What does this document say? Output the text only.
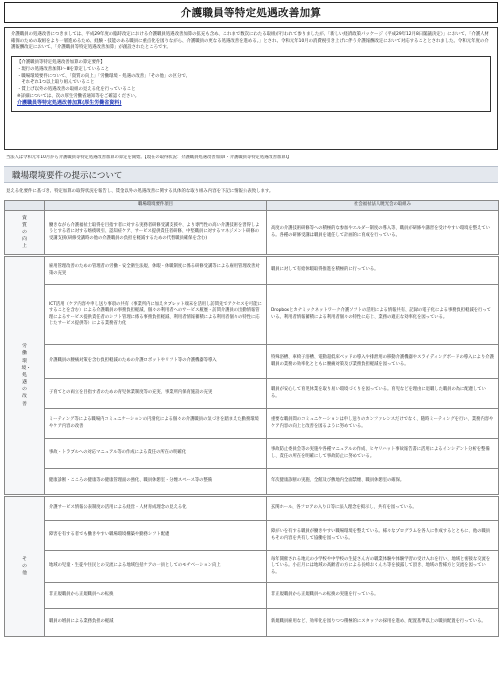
介護職員等特定処遇改善加算

介護職員の処遇改善につきましては、平成29年度の臨時改定における介護職員処遇改善加算の拡充も含め、これまで数次にわたる取組が行われて参りましたが、「新しい経済政策パッケージ（平成29年12月8日閣議決定）」において、「介護人材確保のための取組をより一層進めるため、経験・技能のある職員に重点化を図りながら、介護職員の更なる処遇改善を進める。」とされ、令和元年10月の消費税引き上げに伴う介護報酬改定において対応することとされました。令和元年度の介護報酬改定において、「介護職員等特定処遇改善加算」が創設されたところです。

【介護職員等特定処遇改善加算の算定要件】
・現行の処遇改善加算Ⅰ～Ⅲを算定していること
・職場環境要件について、「資質の向上」「労働環境・処遇の改善」「その他」の区分で、
　それぞれ1つ以上取り組んでいること
・賃上げ以外の処遇改善の取組の見える化を行っていること
※詳細については、次の厚生労働省通知等をご確認ください。
介護職員等特定処遇改善加算(厚生労働省資料)
当法人は令和元年10月から介護職員等特定処遇改善加算の算定を開始。【現在の取得状況：介護職員処遇改善加算Ⅰ・介護職員等特定処遇改善加算Ⅰ】
職場環境要件の提示について
見える化要件に基づき、特定加算の取得状況を報告し、賃金以外の処遇改善に関する具体的な取り組み内容を下記に情報公表致します。
	職場環境要件項目	社会福祉法人暁光会の取組み
資質の向上	働きながら介護福祉士取得を目指す者に対する実務者研修受講支援や、より専門性の高い介護技術を習得しようとする者に対する喀痰吸引、認知症ケア、サービス提供責任者研修、中堅職員に対するマネジメント研修の受講支援(研修受講時の他の介護職員の負担を軽減するための代替職員確保を含む)	高度の介護技術研修等への積極的な参加やエルダー制度の導入等、職員が研修や講習を受けやすい環境を整えている。各種の研修受講は職員を適任して計画的に育成を行っている。

労働環境・処遇の改善	雇用管理改善のための管理者の労働・安全衛生法規、休暇・休職制度に係る研修受講等による雇用管理改善対策の充実	職員に対して有給休暇取得推進を積極的に行っている。
	ICT活用（ケア内容や申し送り事項の共有（事業所内に加えタブレット端末を活用し訪問先でアクセスを可能にすることを含む）による介護職員の事務負担軽減、個々の利用者へのサービス履歴・訪問介護員の出勤情報管理によるサービス提供責任者のシフト管理に係る事務負担軽減、利用者情報蓄積による利用者個々の特性に応じたサービス提供等）による業務省力化	Dropboxとカナミックネットワーク介護ソフトの活用による情報共有、記録の電子化による事務負担軽減を行っている。利用者情報蓄積による利用者個々の特性に応じ、業務の適正な効率化を図っている。
	介護職員の腰痛対策を含む負担軽減のための介護ロボットやリフト等の介護機器等導入	特殊浴槽、車椅子浴槽、電動超低床ベッドの導入や排泄用の移動介護機器やスライディングボードの導入により介護職員の業務の効率化とともに腰痛対策及び業務負担軽減を図っている。
	子育てとの両立を目指す者のための育児休業制度等の充実、事業所内保育施設の充実	職員が安心して育児休業を取り易い環境づくりを図っている。育児などを理由に退職した職員の為に配慮している。
	ミーティング等による職場内コミュニケーションの円滑化による個々の介護職員の気づきを踏まえた勤務環境やケア内容の改善	重要な職員間のコミュニケーションは申し送りのカンファレンスだけでなく、随時ミーティングを行い、業務内容やケア内容の向上と改善を図るように努めている。
	事故・トラブルへの対応マニュアル等の作成による責任の所在の明確化	事故防止委員会等の実施や各種マニュアルの作成、ヒヤリハット事故報告書に活用によるインシデント分析を整備し、責任の所在を明確にして事故防止に努めている。
	健康診断・こころの健康等の健康管理面の強化、職員休憩室・分煙スペース等の整備	年次健康診断の実施、全館及び敷地内全面禁煙、職員休憩室の確保。

その他	介護サービス情報公表制度の活用による経営・人材育成理念の見える化	玄関ホール、各フロアの入り口等に法人理念を掲示し、共有を図っている。
	障害を有する者でも働きやすい職場環境構築や勤務シフト配慮	障がいを有する職員が働きやすい職場環境を整えている。様々なプログラムを各人に作成するとともに、他の職員もその内容を共有して協働を図っている。
	地域の児童・生徒や住民との交流による地域包括ケアの一員としてのモチベーション向上	毎年開催される地元の小学校や中学校の生徒さん方の職業体験や体験学習の受け入れを行い、地域と密接な交流をしている。小正月には地域の高齢者の方による長崎おくんち等を披露して頂き、地域の皆様方と交流を図っている。
	非正規職員から正規職員への転換	非正規職員から正規職員への転換の実施を行っている。
	職員の増員による業務負担の軽減	新規職員雇用など、効率化を図りつつ積極的にスタッフの採用を進め、配置基準以上の職員配置を行っている。
